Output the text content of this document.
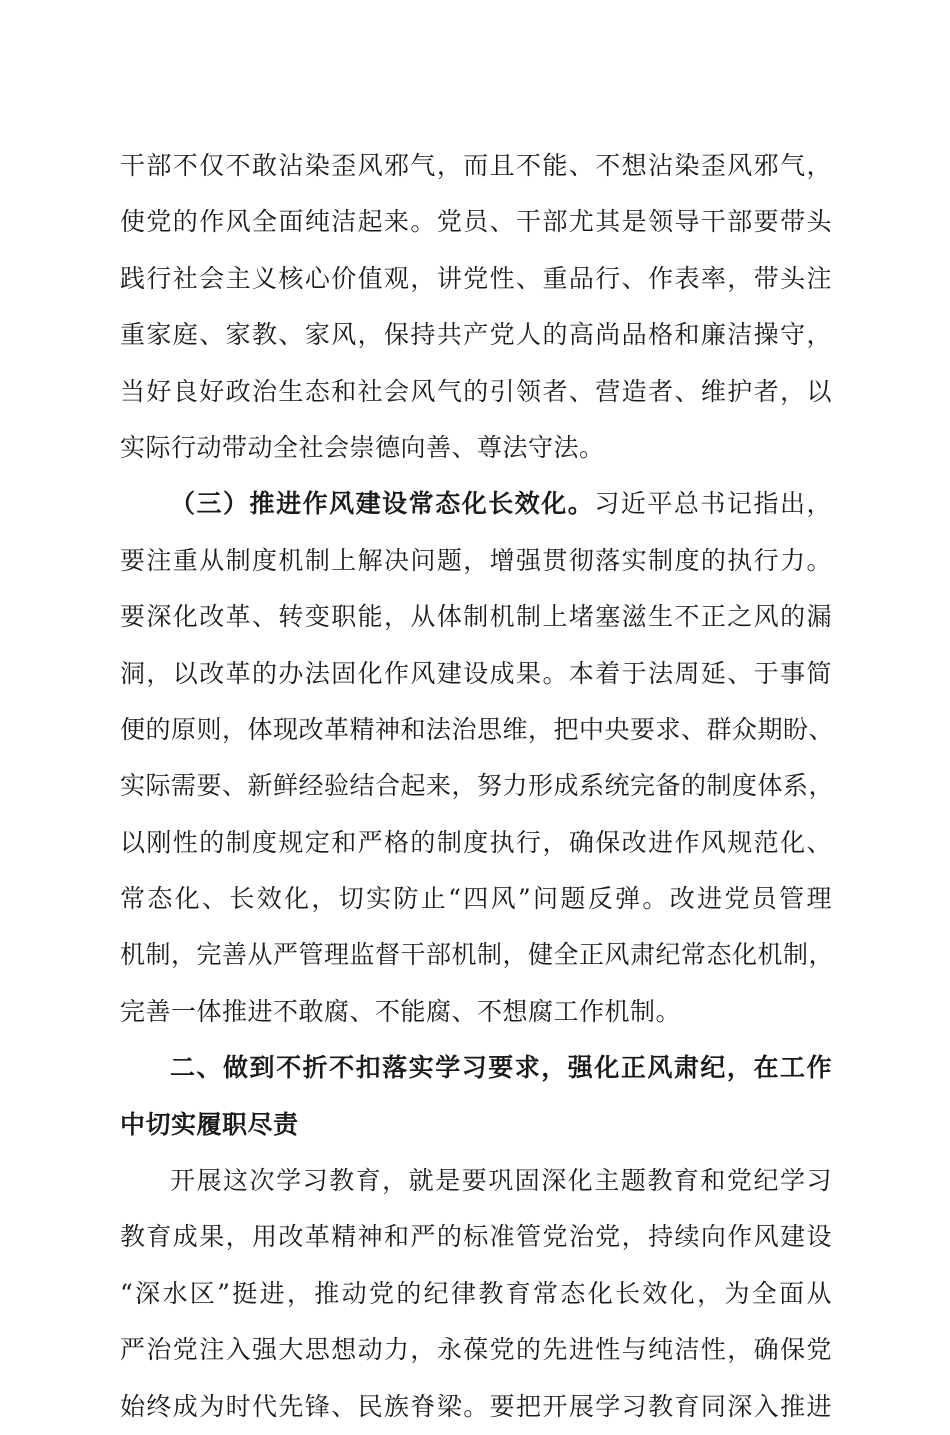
干部不仅不敢沾染歪风邪气，而且不能、不想沾染歪风邪气，
使党的作风全面纯洁起来。党员、干部尤其是领导干部要带头
践行社会主义核心价值观，讲党性、重品行、作表率，带头注
重家庭、家教、家风，保持共产党人的高尚品格和廉洁操守，
当好良好政治生态和社会风气的引领者、营造者、维护者，以
实际行动带动全社会崇德向善、尊法守法。
（三）推进作风建设常态化长效化。习近平总书记指出，
要注重从制度机制上解决问题，增强贯彻落实制度的执行力。
要深化改革、转变职能，从体制机制上堵塞滋生不正之风的漏
洞，以改革的办法固化作风建设成果。本着于法周延、于事简
便的原则，体现改革精神和法治思维，把中央要求、群众期盼、
实际需要、新鲜经验结合起来，努力形成系统完备的制度体系，
以刚性的制度规定和严格的制度执行，确保改进作风规范化、
常态化、长效化，切实防止“四风”问题反弹。改进党员管理
机制，完善从严管理监督干部机制，健全正风肃纪常态化机制，
完善一体推进不敢腐、不能腐、不想腐工作机制。
二、做到不折不扣落实学习要求，强化正风肃纪，在工作
中切实履职尽责
开展这次学习教育，就是要巩固深化主题教育和党纪学习
教育成果，用改革精神和严的标准管党治党，持续向作风建设
“深水区”挺进，推动党的纪律教育常态化长效化，为全面从
严治党注入强大思想动力，永葆党的先进性与纯洁性，确保党
始终成为时代先锋、民族脊梁。要把开展学习教育同深入推进
